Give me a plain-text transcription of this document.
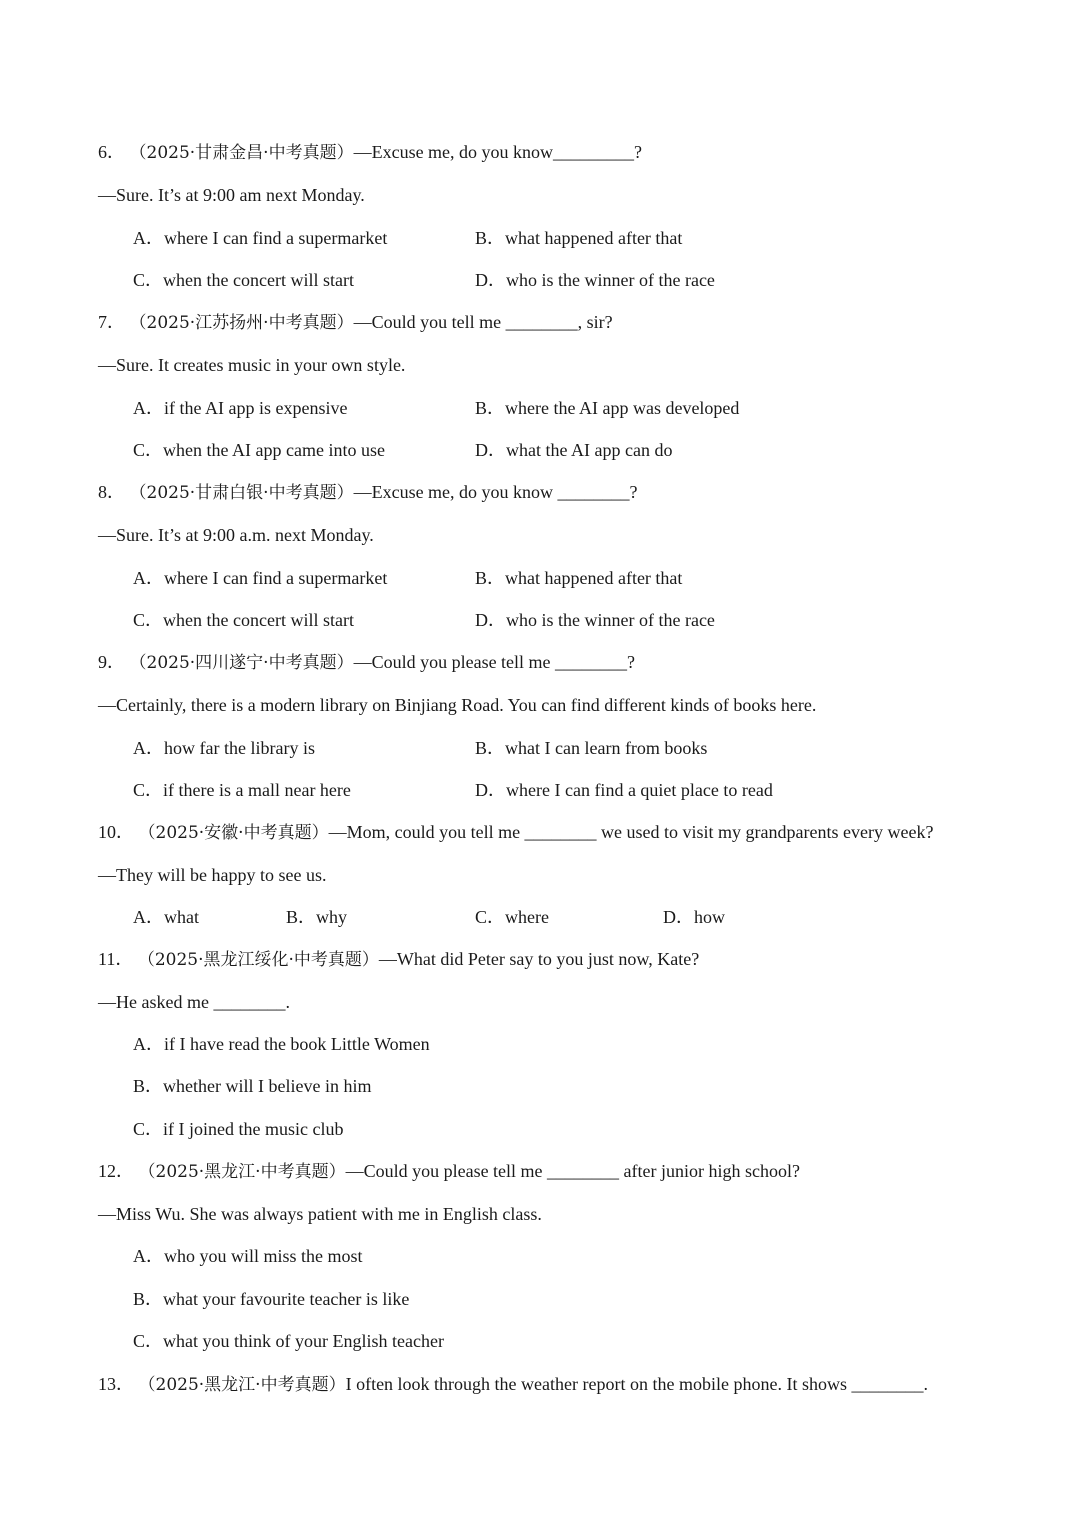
6． （2025·甘肃金昌·中考真题）—Excuse me, do you know_________?
—Sure. It’s at 9:00 am next Monday.
A．where I can find a supermarket	B．what happened after that
C．when the concert will start	D．who is the winner of the race
7． （2025·江苏扬州·中考真题）—Could you tell me ________, sir?
—Sure. It creates music in your own style.
A．if the AI app is expensive	B．where the AI app was developed
C．when the AI app came into use	D．what the AI app can do
8． （2025·甘肃白银·中考真题）—Excuse me, do you know ________?
—Sure. It’s at 9:00 a.m. next Monday.
A．where I can find a supermarket	B．what happened after that
C．when the concert will start	D．who is the winner of the race
9． （2025·四川遂宁·中考真题）—Could you please tell me ________?
—Certainly, there is a modern library on Binjiang Road. You can find different kinds of books here.
A．how far the library is	B．what I can learn from books
C．if there is a mall near here	D．where I can find a quiet place to read
10． （2025·安徽·中考真题）—Mom, could you tell me ________ we used to visit my grandparents every week?
—They will be happy to see us.
A．what	B．why	C．where	D．how
11． （2025·黑龙江绥化·中考真题）—What did Peter say to you just now, Kate?
—He asked me ________.
A．if I have read the book Little Women
B．whether will I believe in him
C．if I joined the music club
12． （2025·黑龙江·中考真题）—Could you please tell me ________ after junior high school?
—Miss Wu. She was always patient with me in English class.
A．who you will miss the most
B．what your favourite teacher is like
C．what you think of your English teacher
13． （2025·黑龙江·中考真题）I often look through the weather report on the mobile phone. It shows ________.
